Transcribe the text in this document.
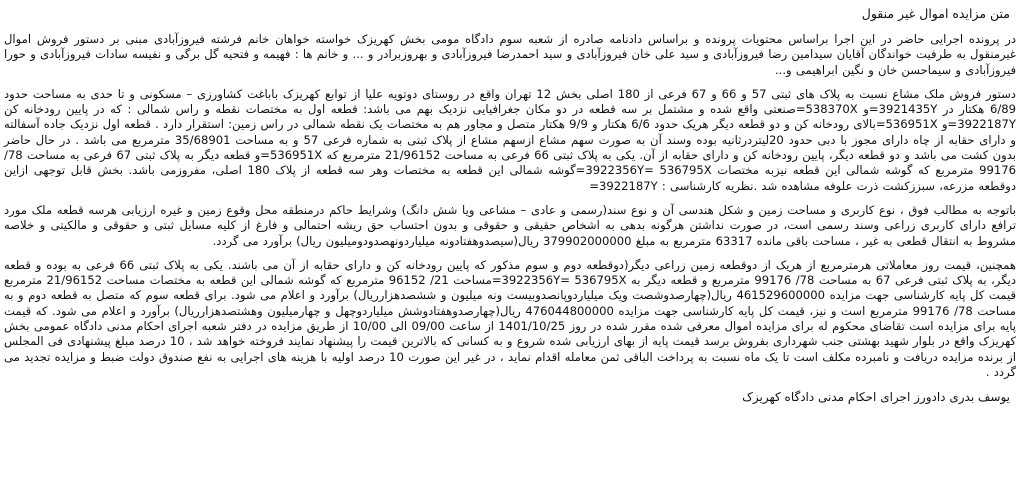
متن مزایده اموال غیر منقول

در پرونده اجرایی حاضر در این اجرا براساس محتویات پرونده و براساس دادنامه صادره از شعبه سوم دادگاه مومی بخش کهریزک خواسته خواهان خانم فرشته فیروزآبادی مبنی بر دستور فروش اموال غیرمنقول به طرفیت خواندگان آقایان سیدامین رضا فیروزآبادی و سید علی خان فیروزآبادی و سید احمدرضا فیروزآبادی و بهروزبرادر و ... و خانم ها : فهیمه و فتحیه گل برگی و نفیسه سادات فیروزآبادی و حورا فیروزآبادی و سیماحسن خان و نگین ابراهیمی و...

دستور فروش ملک مشاع نسبت به پلاک های ثبتی 57 و 66 و 67 فرعی از 180 اصلی بخش 12 تهران واقع در روستای دوتویه علیا از توابع کهریزک باباغت کشاورزی – مسکونی و تا حدی به مساحت حدود 6/89 هکتار در 3921435Y=و 538370X=صنعتی واقع شده و مشتمل بر سه قطعه در دو مکان جغرافیایی نزدیک بهم می باشد: قطعه اول به مختصات نقطه و راس شمالی : که در پایین رودخانه کن 3922187Y=و 536951X=بالای رودخانه کن و دو قطعه دیگر هریک حدود 6/6 هکتار و 9/9 هکتار متصل و مجاور هم به مختصات یک نقطه شمالی در راس زمین: استقرار دارد . قطعه اول نزدیک جاده آسفالته و دارای حقابه از چاه دارای مجوز با دبی حدود 20لیتردرثانیه بوده وسند آن به صورت سهم مشاع ازسهم مشاع از پلاک ثبتی به شماره فرعی 57 و به مساحت 35/68901 مترمربع می باشد . در حال حاضر بدون کشت می باشد و دو قطعه دیگر، پایین رودخانه کن و دارای حقابه از آن. یکی به پلاک ثبتی 66 فرعی به مساحت 21/96152 مترمربع که 536951X=و قطعه دیگر به پلاک ثبتی 67 فرعی به مساحت 78/ 99176 مترمربع که گوشه شمالی این قطعه نیزبه مختصات 3922356Y= 536795X=گوشه شمالی این قطعه به مختصات وهر سه قطعه از پلاک 180 اصلی، مفروزمی باشد. بخش قابل توجهی ازاین دوقطعه مزرعه، سبززکشت ذرت علوفه مشاهده شد .نظریه کارشناسی : 3922187Y=

باتوجه به مطالب فوق ، نوع کاربری و مساحت زمین و شکل هندسی آن و نوع سند(رسمی و عادی – مشاعی ویا شش دانگ) وشرایط حاکم درمنطقه محل وقوع زمین و غیره ارزیابی هرسه قطعه ملک مورد ترافع دارای کاربری زراعی وسند رسمی است، در صورت نداشتن هرگونه بدهی به اشخاص حقیقی و حقوقی و بدون احتساب حق ریشه احتمالی و فارغ از کلیه مسایل ثبتی و حقوقی و مالکیتی و خلاصه مشروط به انتقال قطعی به غیر ، مساحت باقی مانده 63317 مترمربع به مبلغ 379902000000 ریال(سیصدوهفتادونه میلیاردونهصدودومیلیون ریال) برآورد می گردد.

همچنین، قیمت روز معاملاتی هرمترمربع از هریک از دوقطعه زمین زراعی دیگر(دوقطعه دوم و سوم مذکور که پایین رودخانه کن و دارای حقابه از آن می باشند. یکی به پلاک ثبتی 66 فرعی به بوده و قطعه دیگر، به پلاک ثبتی فرعی 67 به مساحت 78/ 99176 مترمربع و قطعه دیگر به 3922356Y= 536795X=مساحت 21/ 96152 مترمربع که گوشه شمالی این قطعه به مختصات مساحت 21/96152 مترمربع قیمت کل پایه کارشناسی جهت مزایده 461529600000 ریال(چهارصدوشصت ویک میلیاردوپانصدوبیست ونه میلیون و ششصدهزارریال) برآورد و اعلام می شود. برای قطعه سوم که متصل به قطعه دوم و به مساحت 78/ 99176 مترمربع است و نیز، قیمت کل پایه کارشناسی جهت مزایده 476044800000 ریال(چهارصدوهفتادوشش میلیاردوچهل و چهارمیلیون وهشتصدهزارریال) برآورد و اعلام می شود. که قیمت پایه برای مزایده است تقاضای محکوم له برای مزایده اموال معرفی شده مقرر شده در روز 1401/10/25 از ساعت 09/00 الی 10/00 از طریق مزایده در دفتر شعبه اجرای احکام مدنی دادگاه عمومی بخش کهریزک واقع در بلوار شهید بهشتی جنب شهرداری بفروش برسد قیمت پایه از بهای ارزیابی شده شروع و به کسانی که بالاترین قیمت را پیشنهاد نمایند فروخته خواهد شد ، 10 درصد مبلغ پیشنهادی فی المجلس از برنده مزایده دریافت و نامبرده مکلف است تا یک ماه نسبت به پرداخت الباقی ثمن معامله اقدام نماید ، در غیر این صورت 10 درصد اولیه با هزینه های اجرایی به نفع صندوق دولت ضبط و مزایده تجدید می گردد .

یوسف بدری دادورز اجرای احکام مدنی دادگاه کهریزک
